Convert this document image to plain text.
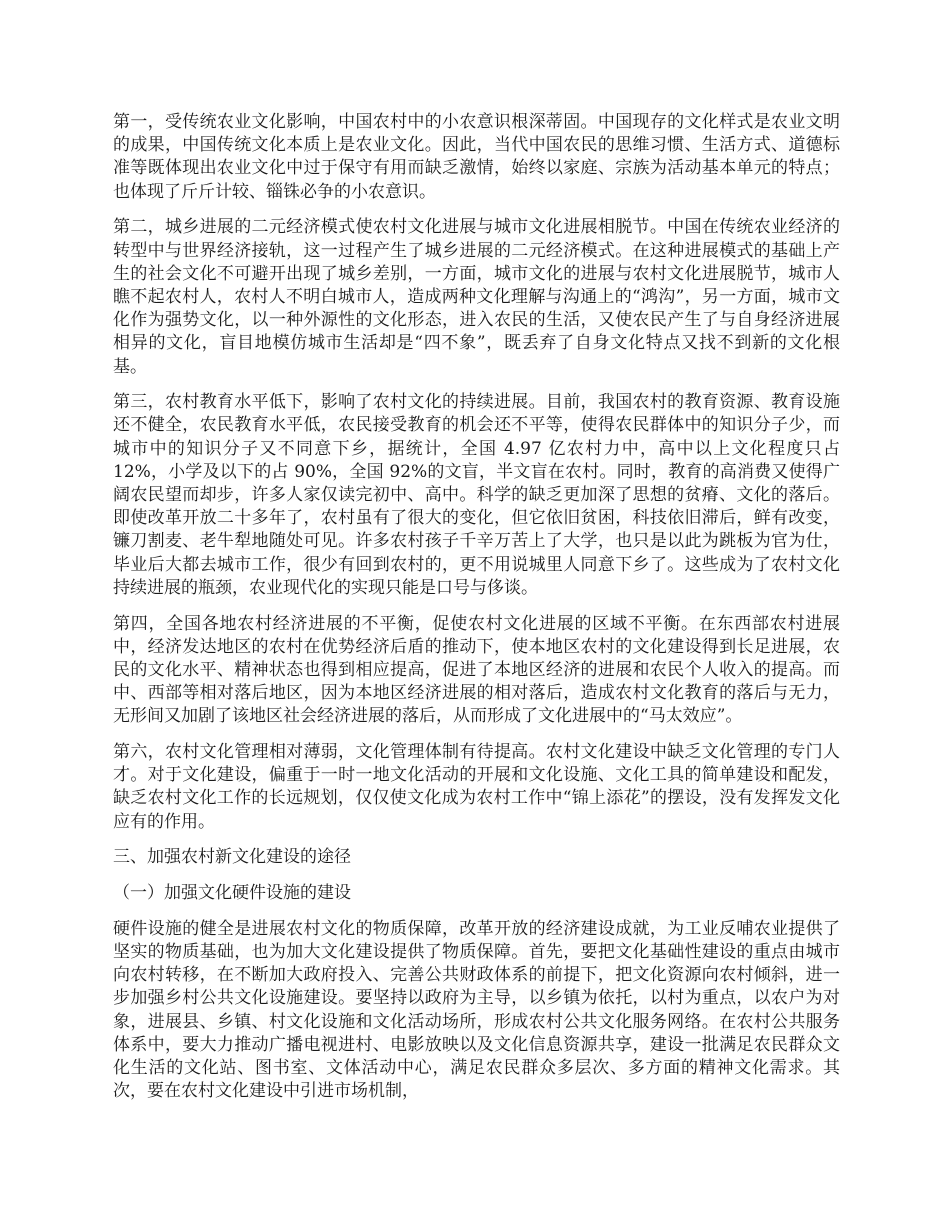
第一，受传统农业文化影响，中国农村中的小农意识根深蒂固。中国现存的文化样式是农业文明的成果，中国传统文化本质上是农业文化。因此，当代中国农民的思维习惯、生活方式、道德标准等既体现出农业文化中过于保守有用而缺乏激情，始终以家庭、宗族为活动基本单元的特点；也体现了斤斤计较、锱铢必争的小农意识。

第二，城乡进展的二元经济模式使农村文化进展与城市文化进展相脱节。中国在传统农业经济的转型中与世界经济接轨，这一过程产生了城乡进展的二元经济模式。在这种进展模式的基础上产生的社会文化不可避开出现了城乡差别，一方面，城市文化的进展与农村文化进展脱节，城市人瞧不起农村人，农村人不明白城市人，造成两种文化理解与沟通上的“鸿沟”，另一方面，城市文化作为强势文化，以一种外源性的文化形态，进入农民的生活，又使农民产生了与自身经济进展相异的文化，盲目地模仿城市生活却是“四不象”，既丢弃了自身文化特点又找不到新的文化根基。

第三，农村教育水平低下，影响了农村文化的持续进展。目前，我国农村的教育资源、教育设施还不健全，农民教育水平低，农民接受教育的机会还不平等，使得农民群体中的知识分子少，而城市中的知识分子又不同意下乡，据统计，全国 4.97 亿农村力中，高中以上文化程度只占 12%，小学及以下的占 90%，全国 92%的文盲，半文盲在农村。同时，教育的高消费又使得广阔农民望而却步，许多人家仅读完初中、高中。科学的缺乏更加深了思想的贫瘠、文化的落后。即使改革开放二十多年了，农村虽有了很大的变化，但它依旧贫困，科技依旧滞后，鲜有改变，镰刀割麦、老牛犁地随处可见。许多农村孩子千辛万苦上了大学，也只是以此为跳板为官为仕，毕业后大都去城市工作，很少有回到农村的，更不用说城里人同意下乡了。这些成为了农村文化持续进展的瓶颈，农业现代化的实现只能是口号与侈谈。

第四，全国各地农村经济进展的不平衡，促使农村文化进展的区域不平衡。在东西部农村进展中，经济发达地区的农村在优势经济后盾的推动下，使本地区农村的文化建设得到长足进展，农民的文化水平、精神状态也得到相应提高，促进了本地区经济的进展和农民个人收入的提高。而中、西部等相对落后地区，因为本地区经济进展的相对落后，造成农村文化教育的落后与无力，无形间又加剧了该地区社会经济进展的落后，从而形成了文化进展中的“马太效应”。

第六，农村文化管理相对薄弱，文化管理体制有待提高。农村文化建设中缺乏文化管理的专门人才。对于文化建设，偏重于一时一地文化活动的开展和文化设施、文化工具的简单建设和配发，缺乏农村文化工作的长远规划，仅仅使文化成为农村工作中“锦上添花”的摆设，没有发挥发文化应有的作用。

三、加强农村新文化建设的途径

（一）加强文化硬件设施的建设

硬件设施的健全是进展农村文化的物质保障，改革开放的经济建设成就，为工业反哺农业提供了坚实的物质基础，也为加大文化建设提供了物质保障。首先，要把文化基础性建设的重点由城市向农村转移，在不断加大政府投入、完善公共财政体系的前提下，把文化资源向农村倾斜，进一步加强乡村公共文化设施建设。要坚持以政府为主导，以乡镇为依托，以村为重点，以农户为对象，进展县、乡镇、村文化设施和文化活动场所，形成农村公共文化服务网络。在农村公共服务体系中，要大力推动广播电视进村、电影放映以及文化信息资源共享，建设一批满足农民群众文化生活的文化站、图书室、文体活动中心，满足农民群众多层次、多方面的精神文化需求。其次，要在农村文化建设中引进市场机制，
